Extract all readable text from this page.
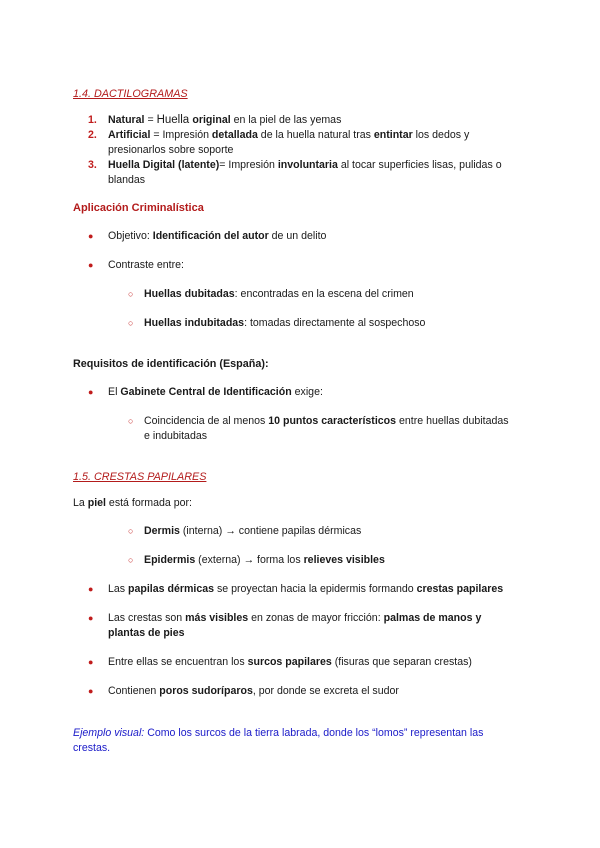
1.4. DACTILOGRAMAS
1. Natural = Huella original en la piel de las yemas
2. Artificial = Impresión detallada de la huella natural tras entintar los dedos y
presionarlos sobre soporte
3. Huella Digital (latente)= Impresión involuntaria al tocar superficies lisas, pulidas o
blandas
Aplicación Criminalística
● Objetivo: Identificación del autor de un delito
● Contraste entre:
○ Huellas dubitadas: encontradas en la escena del crimen
○ Huellas indubitadas: tomadas directamente al sospechoso
Requisitos de identificación (España):
● El Gabinete Central de Identificación exige:
○ Coincidencia de al menos 10 puntos característicos entre huellas dubitadas
e indubitadas
1.5. CRESTAS PAPILARES
La piel está formada por:
○ Dermis (interna) → contiene papilas dérmicas
○ Epidermis (externa) → forma los relieves visibles
● Las papilas dérmicas se proyectan hacia la epidermis formando crestas papilares
● Las crestas son más visibles en zonas de mayor fricción: palmas de manos y
plantas de pies
● Entre ellas se encuentran los surcos papilares (fisuras que separan crestas)
● Contienen poros sudoríparos, por donde se excreta el sudor
Ejemplo visual: Como los surcos de la tierra labrada, donde los “lomos” representan las
crestas.
